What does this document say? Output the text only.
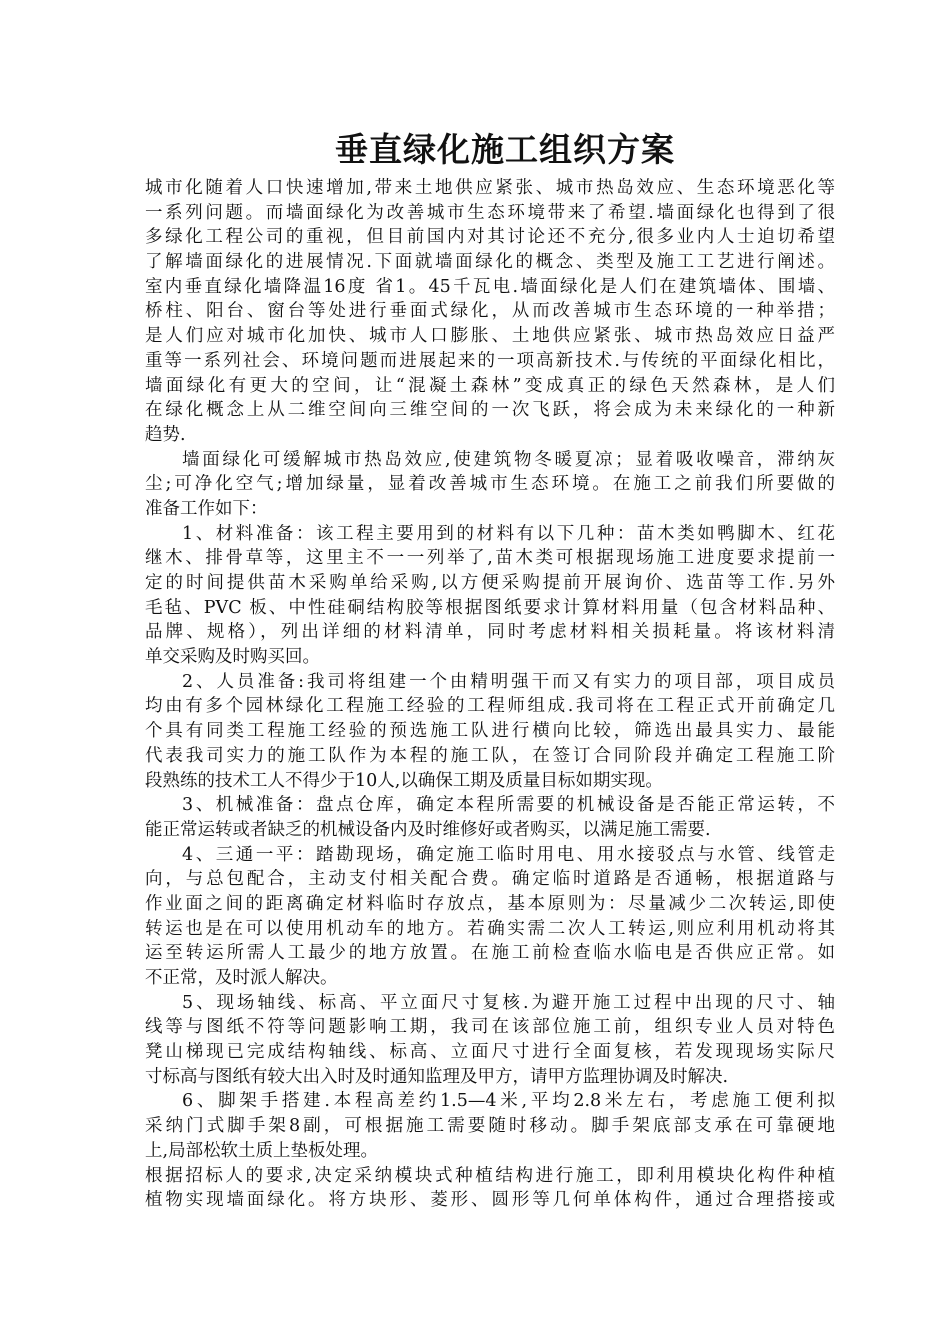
垂直绿化施工组织方案
城市化随着人口快速增加,带来土地供应紧张、城市热岛效应、生态环境恶化等
一系列问题。而墙面绿化为改善城市生态环境带来了希望.墙面绿化也得到了很
多绿化工程公司的重视，但目前国内对其讨论还不充分,很多业内人士迫切希望
了解墙面绿化的进展情况.下面就墙面绿化的概念、类型及施工工艺进行阐述。
室内垂直绿化墙降温16度 省1。45千瓦电.墙面绿化是人们在建筑墙体、围墙、
桥柱、阳台、窗台等处进行垂面式绿化，从而改善城市生态环境的一种举措；
是人们应对城市化加快、城市人口膨胀、土地供应紧张、城市热岛效应日益严
重等一系列社会、环境问题而进展起来的一项高新技术.与传统的平面绿化相比，
墙面绿化有更大的空间，让“混凝土森林”变成真正的绿色天然森林，是人们
在绿化概念上从二维空间向三维空间的一次飞跃，将会成为未来绿化的一种新
趋势.
墙面绿化可缓解城市热岛效应,使建筑物冬暖夏凉；显着吸收噪音，滞纳灰
尘;可净化空气;增加绿量，显着改善城市生态环境。在施工之前我们所要做的
准备工作如下：
1、材料准备：该工程主要用到的材料有以下几种：苗木类如鸭脚木、红花
继木、排骨草等，这里主不一一列举了,苗木类可根据现场施工进度要求提前一
定的时间提供苗木采购单给采购,以方便采购提前开展询价、选苗等工作.另外
毛毡、PVC 板、中性硅硐结构胶等根据图纸要求计算材料用量（包含材料品种、
品牌、规格），列出详细的材料清单，同时考虑材料相关损耗量。将该材料清
单交采购及时购买回。
2、人员准备:我司将组建一个由精明强干而又有实力的项目部，项目成员
均由有多个园林绿化工程施工经验的工程师组成.我司将在工程正式开前确定几
个具有同类工程施工经验的预选施工队进行横向比较，筛选出最具实力、最能
代表我司实力的施工队作为本程的施工队，在签订合同阶段并确定工程施工阶
段熟练的技术工人不得少于10人,以确保工期及质量目标如期实现。
3、机械准备：盘点仓库，确定本程所需要的机械设备是否能正常运转，不
能正常运转或者缺乏的机械设备内及时维修好或者购买，以满足施工需要.
4、三通一平：踏勘现场，确定施工临时用电、用水接驳点与水管、线管走
向，与总包配合，主动支付相关配合费。确定临时道路是否通畅，根据道路与
作业面之间的距离确定材料临时存放点，基本原则为：尽量减少二次转运,即使
转运也是在可以使用机动车的地方。若确实需二次人工转运,则应利用机动将其
运至转运所需人工最少的地方放置。在施工前检查临水临电是否供应正常。如
不正常，及时派人解决。
5、现场轴线、标高、平立面尺寸复核.为避开施工过程中出现的尺寸、轴
线等与图纸不符等问题影响工期，我司在该部位施工前，组织专业人员对特色
凳山梯现已完成结构轴线、标高、立面尺寸进行全面复核，若发现现场实际尺
寸标高与图纸有较大出入时及时通知监理及甲方，请甲方监理协调及时解决.
6、脚架手搭建.本程高差约1.5—4米,平均2.8米左右，考虑施工便利拟
采纳门式脚手架8副，可根据施工需要随时移动。脚手架底部支承在可靠硬地
上,局部松软土质上垫板处理。
根据招标人的要求,决定采纳模块式种植结构进行施工，即利用模块化构件种植
植物实现墙面绿化。将方块形、菱形、圆形等几何单体构件，通过合理搭接或
